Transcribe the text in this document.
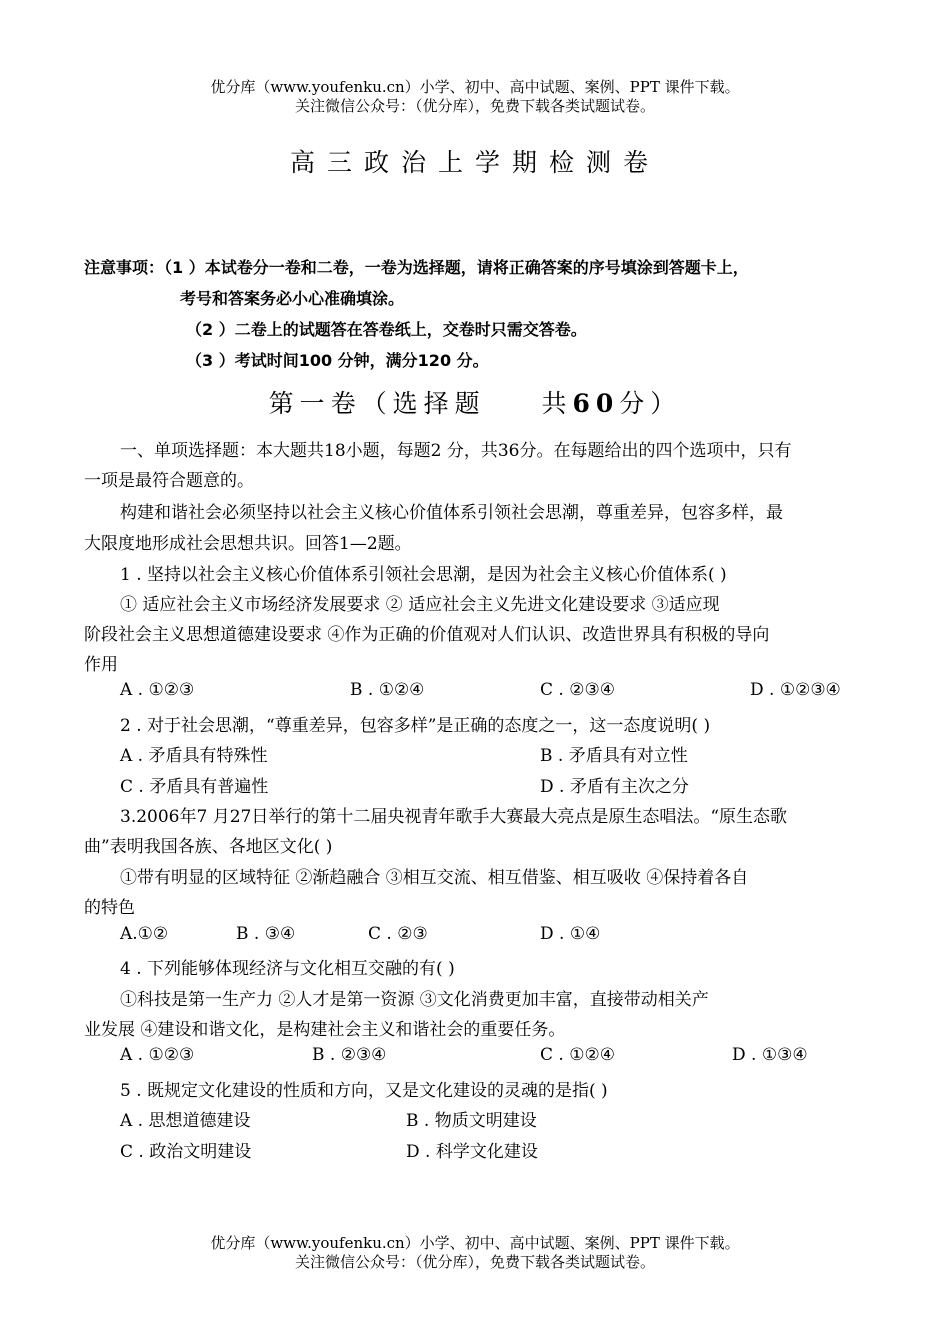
优分库（www.youfenku.cn）小学、初中、高中试题、案例、PPT 课件下载。
关注微信公众号：（优分库），免费下载各类试题试卷。
高三政治上学期检测卷
注意事项：（1 ）本试卷分一卷和二卷，一卷为选择题，请将正确答案的序号填涂到答题卡上，
考号和答案务必小心准确填涂。
（2 ）二卷上的试题答在答卷纸上，交卷时只需交答卷。
（3 ）考试时间100 分钟，满分120 分。
第一卷（选择题 共60分）
一、单项选择题：本大题共18小题，每题2 分，共36分。在每题给出的四个选项中，只有
一项是最符合题意的。
构建和谐社会必须坚持以社会主义核心价值体系引领社会思潮，尊重差异，包容多样，最
大限度地形成社会思想共识。回答1—2题。
1 . 坚持以社会主义核心价值体系引领社会思潮，是因为社会主义核心价值体系( )
① 适应社会主义市场经济发展要求 ② 适应社会主义先进文化建设要求 ③适应现
阶段社会主义思想道德建设要求 ④作为正确的价值观对人们认识、改造世界具有积极的导向
作用
A . ①②③	B . ①②④	C . ②③④	D . ①②③④
2 . 对于社会思潮，“尊重差异，包容多样”是正确的态度之一，这一态度说明( )
A . 矛盾具有特殊性	B . 矛盾具有对立性
C . 矛盾具有普遍性	D . 矛盾有主次之分
3.2006年7 月27日举行的第十二届央视青年歌手大赛最大亮点是原生态唱法。“原生态歌
曲”表明我国各族、各地区文化( )
①带有明显的区域特征 ②渐趋融合 ③相互交流、相互借鉴、相互吸收 ④保持着各自
的特色
A.①②	B . ③④	C . ②③	D . ①④
4 . 下列能够体现经济与文化相互交融的有( )
①科技是第一生产力 ②人才是第一资源 ③文化消费更加丰富，直接带动相关产
业发展 ④建设和谐文化，是构建社会主义和谐社会的重要任务。
A . ①②③	B . ②③④	C . ①②④	D . ①③④
5 . 既规定文化建设的性质和方向，又是文化建设的灵魂的是指( )
A . 思想道德建设	B . 物质文明建设
C . 政治文明建设	D . 科学文化建设
优分库（www.youfenku.cn）小学、初中、高中试题、案例、PPT 课件下载。
关注微信公众号：（优分库），免费下载各类试题试卷。
